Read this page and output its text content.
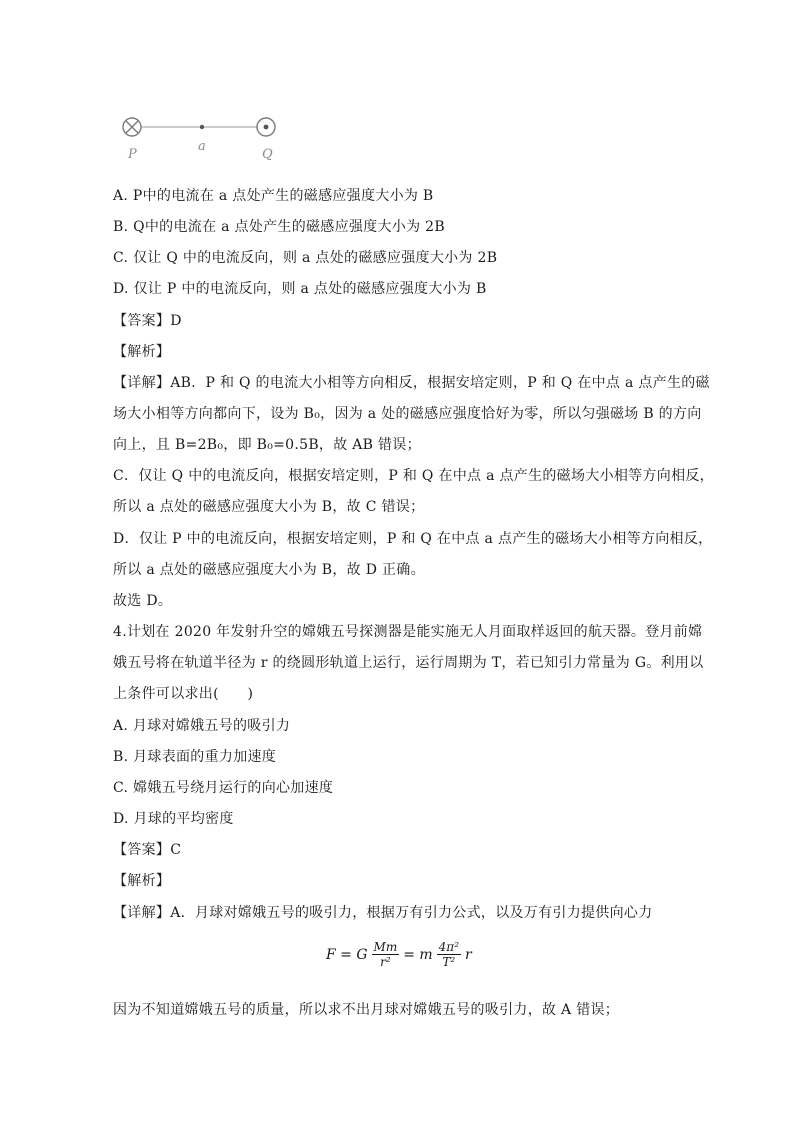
P
a
Q
A. P中的电流在 a 点处产生的磁感应强度大小为 B
B. Q中的电流在 a 点处产生的磁感应强度大小为 2B
C. 仅让 Q 中的电流反向，则 a 点处的磁感应强度大小为 2B
D. 仅让 P 中的电流反向，则 a 点处的磁感应强度大小为 B
【答案】D
【解析】
【详解】AB．P 和 Q 的电流大小相等方向相反，根据安培定则，P 和 Q 在中点 a 点产生的磁
场大小相等方向都向下，设为 B₀，因为 a 处的磁感应强度恰好为零，所以匀强磁场 B 的方向
向上，且 B=2B₀，即 B₀=0.5B，故 AB 错误；
C．仅让 Q 中的电流反向，根据安培定则，P 和 Q 在中点 a 点产生的磁场大小相等方向相反，
所以 a 点处的磁感应强度大小为 B，故 C 错误；
D．仅让 P 中的电流反向，根据安培定则，P 和 Q 在中点 a 点产生的磁场大小相等方向相反，
所以 a 点处的磁感应强度大小为 B，故 D 正确。
故选 D。
4.计划在 2020 年发射升空的嫦娥五号探测器是能实施无人月面取样返回的航天器。登月前嫦
娥五号将在轨道半径为 r 的绕圆形轨道上运行，运行周期为 T，若已知引力常量为 G。利用以
上条件可以求出(　　)
A. 月球对嫦娥五号的吸引力
B. 月球表面的重力加速度
C. 嫦娥五号绕月运行的向心加速度
D. 月球的平均密度
【答案】C
【解析】
【详解】A．月球对嫦娥五号的吸引力，根据万有引力公式，以及万有引力提供向心力
F = G $\frac{Mm}{\text{r²}} = m \frac{\text{4π²}}{\text{T²}}$ r
因为不知道嫦娥五号的质量，所以求不出月球对嫦娥五号的吸引力，故 A 错误；
